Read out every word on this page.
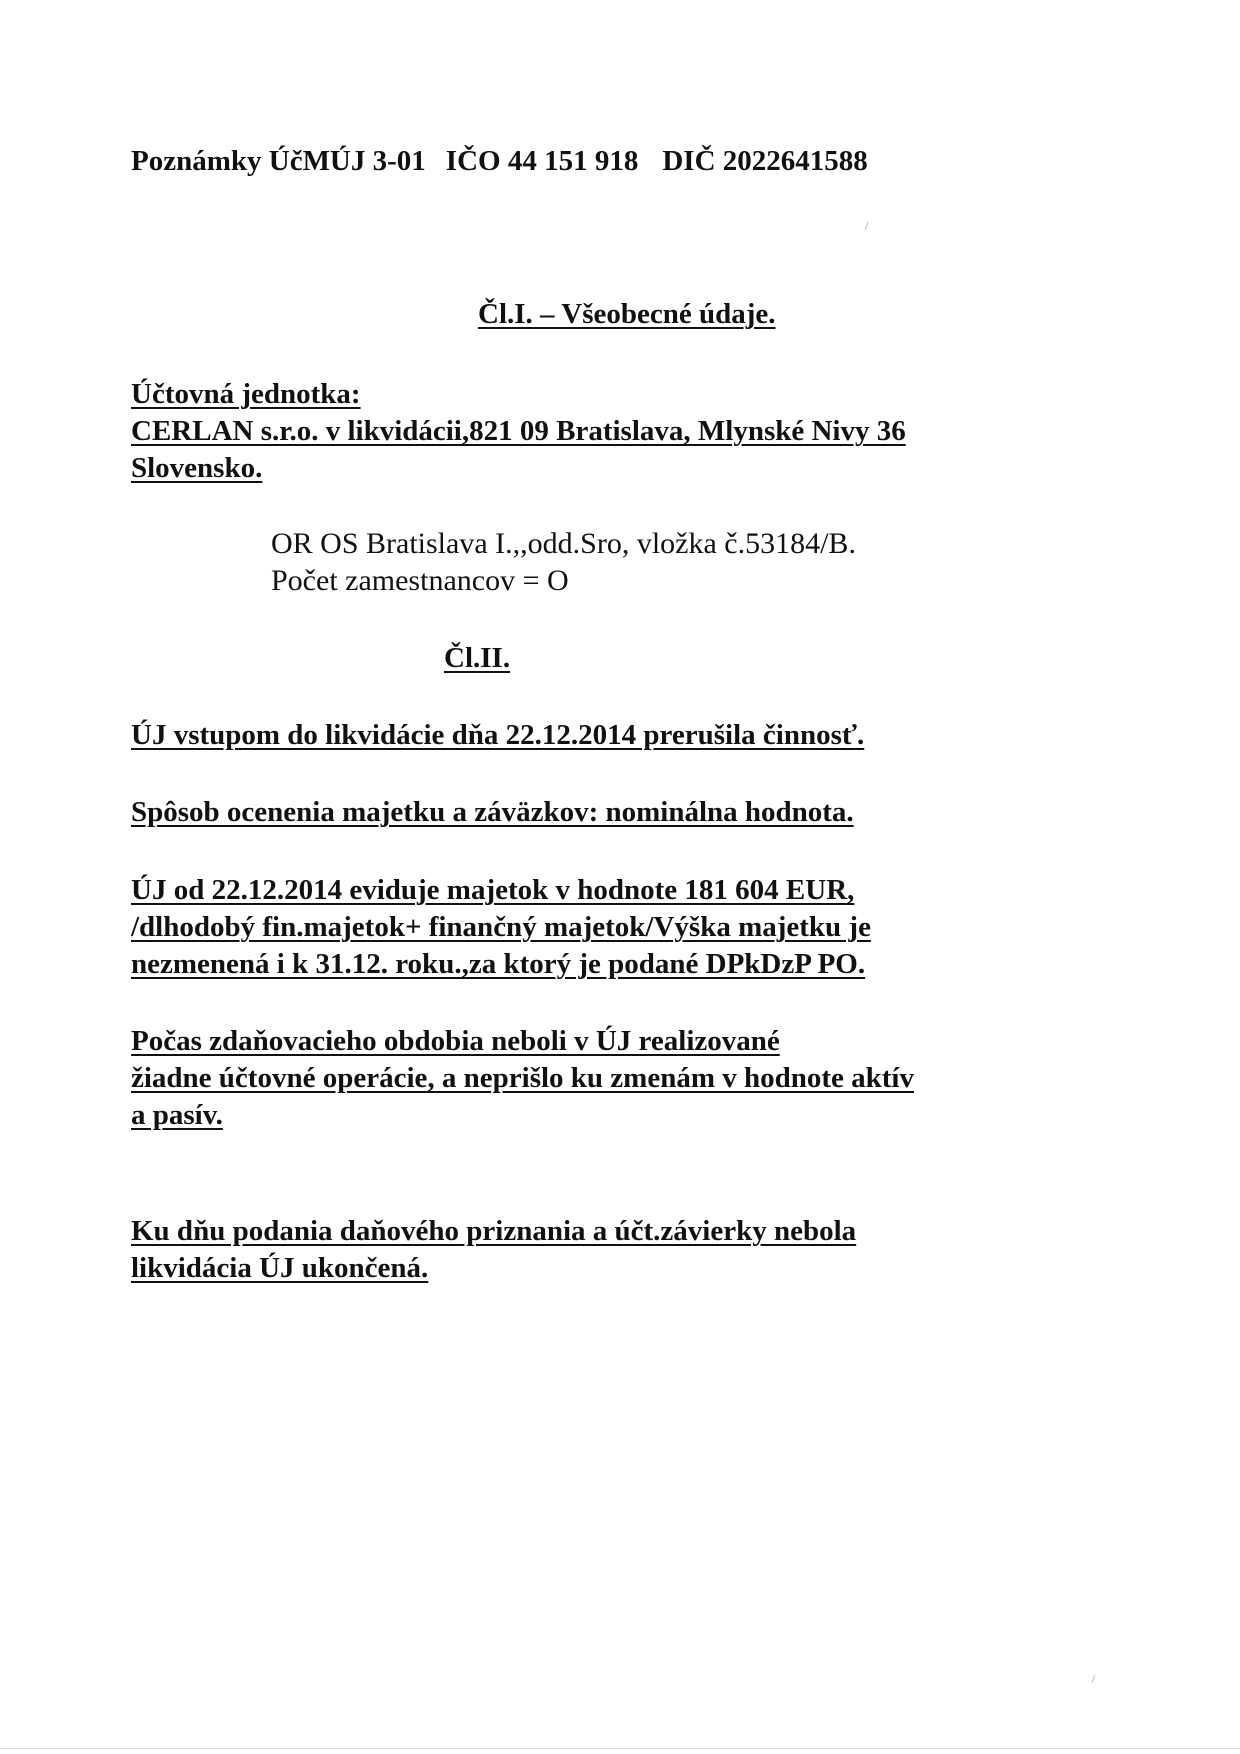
Poznámky ÚčMÚJ 3-01 IČO 44 151 918 DIČ 2022641588
Čl.I. – Všeobecné údaje.
Účtovná jednotka:
CERLAN s.r.o. v likvidácii,821 09 Bratislava, Mlynské Nivy 36
Slovensko.
OR OS Bratislava I.,,odd.Sro, vložka č.53184/B.
Počet zamestnancov = O
Čl.II.
ÚJ vstupom do likvidácie dňa 22.12.2014 prerušila činnosť.
Spôsob ocenenia majetku a záväzkov: nominálna hodnota.
ÚJ od 22.12.2014 eviduje majetok v hodnote 181 604 EUR,
/dlhodobý fin.majetok+ finančný majetok/Výška majetku je
nezmenená i k 31.12. roku.,za ktorý je podané DPkDzP PO.
Počas zdaňovacieho obdobia neboli v ÚJ realizované
žiadne účtovné operácie, a neprišlo ku zmenám v hodnote aktív
a pasív.
Ku dňu podania daňového priznania a účt.závierky nebola
likvidácia ÚJ ukončená.
